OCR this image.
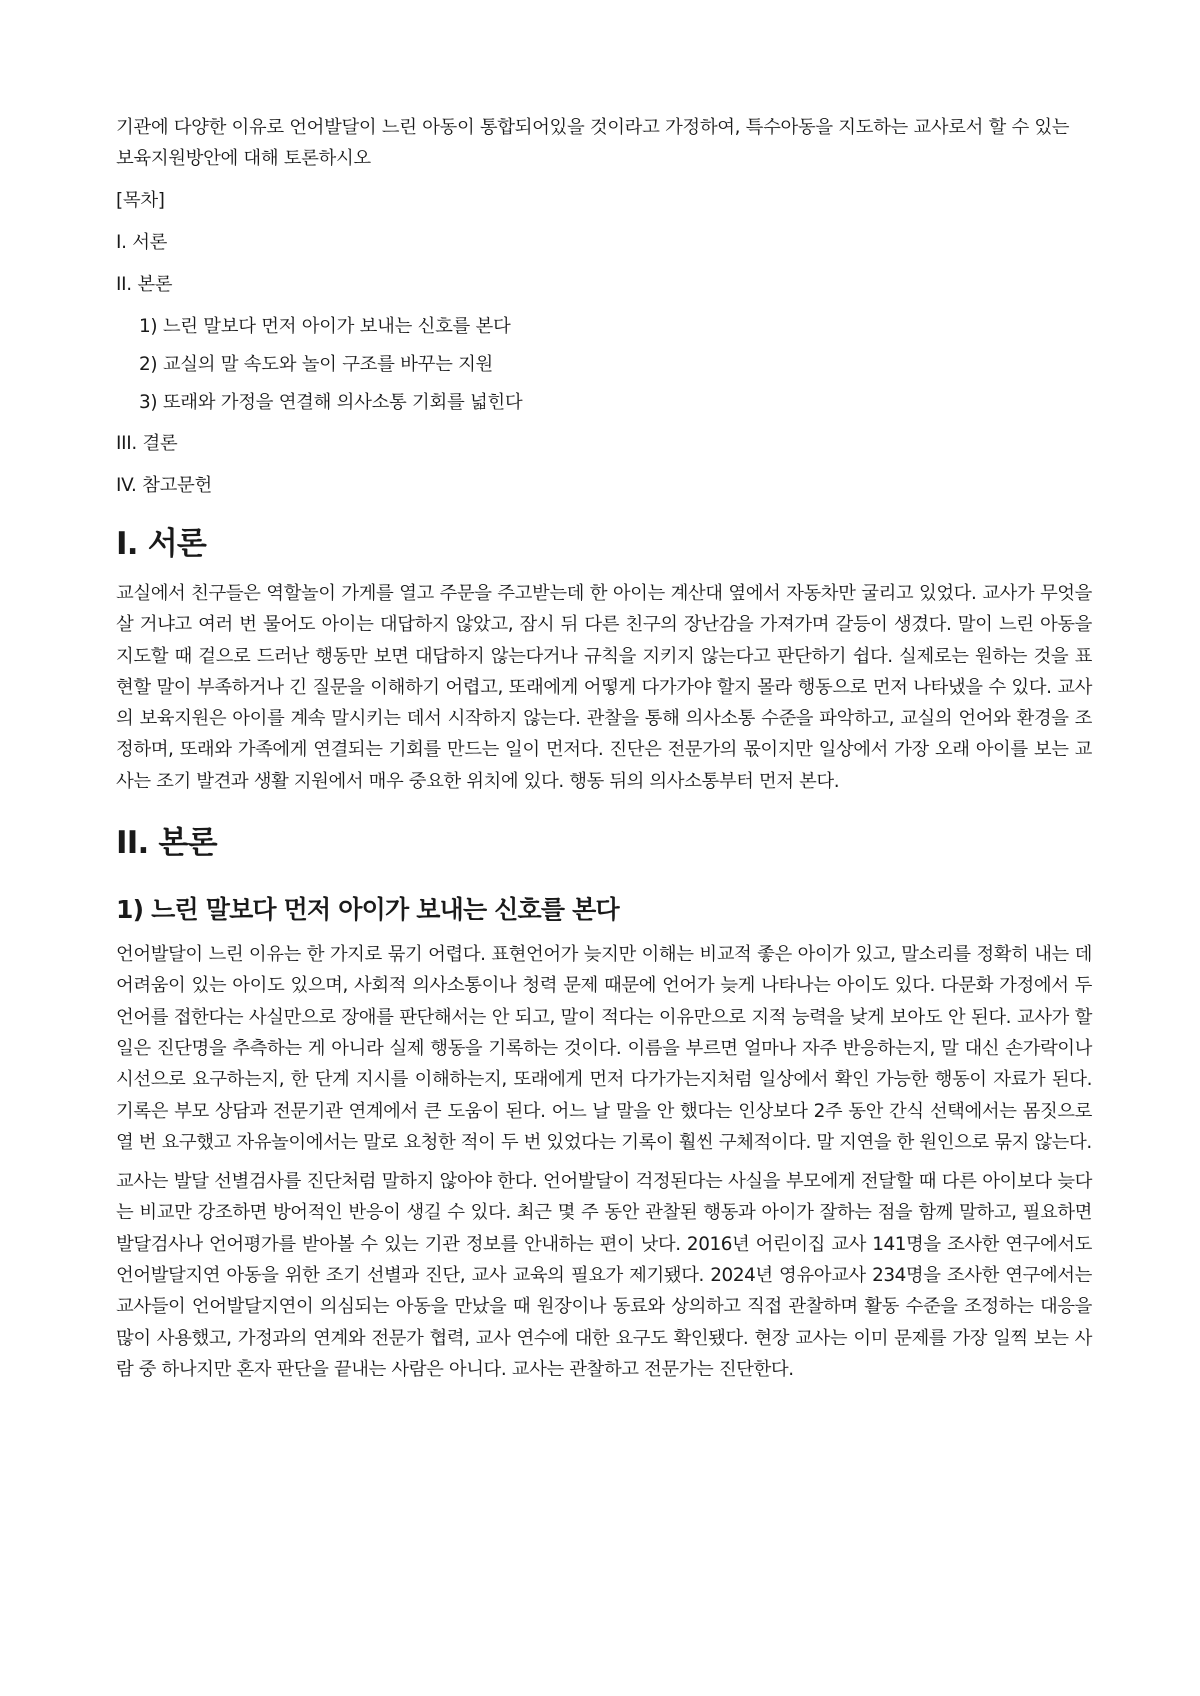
기관에 다양한 이유로 언어발달이 느린 아동이 통합되어있을 것이라고 가정하여, 특수아동을 지도하는 교사로서 할 수 있는 보육지원방안에 대해 토론하시오

[목차]
I. 서론
II. 본론
1) 느린 말보다 먼저 아이가 보내는 신호를 본다
2) 교실의 말 속도와 놀이 구조를 바꾸는 지원
3) 또래와 가정을 연결해 의사소통 기회를 넓힌다
III. 결론
IV. 참고문헌
I. 서론

교실에서 친구들은 역할놀이 가게를 열고 주문을 주고받는데 한 아이는 계산대 옆에서 자동차만 굴리고 있었다. 교사가 무엇을 살 거냐고 여러 번 물어도 아이는 대답하지 않았고, 잠시 뒤 다른 친구의 장난감을 가져가며 갈등이 생겼다. 말이 느린 아동을 지도할 때 겉으로 드러난 행동만 보면 대답하지 않는다거나 규칙을 지키지 않는다고 판단하기 쉽다. 실제로는 원하는 것을 표현할 말이 부족하거나 긴 질문을 이해하기 어렵고, 또래에게 어떻게 다가가야 할지 몰라 행동으로 먼저 나타냈을 수 있다. 교사의 보육지원은 아이를 계속 말시키는 데서 시작하지 않는다. 관찰을 통해 의사소통 수준을 파악하고, 교실의 언어와 환경을 조정하며, 또래와 가족에게 연결되는 기회를 만드는 일이 먼저다. 진단은 전문가의 몫이지만 일상에서 가장 오래 아이를 보는 교사는 조기 발견과 생활 지원에서 매우 중요한 위치에 있다. 행동 뒤의 의사소통부터 먼저 본다.

II. 본론
1) 느린 말보다 먼저 아이가 보내는 신호를 본다

언어발달이 느린 이유는 한 가지로 묶기 어렵다. 표현언어가 늦지만 이해는 비교적 좋은 아이가 있고, 말소리를 정확히 내는 데 어려움이 있는 아이도 있으며, 사회적 의사소통이나 청력 문제 때문에 언어가 늦게 나타나는 아이도 있다. 다문화 가정에서 두 언어를 접한다는 사실만으로 장애를 판단해서는 안 되고, 말이 적다는 이유만으로 지적 능력을 낮게 보아도 안 된다. 교사가 할 일은 진단명을 추측하는 게 아니라 실제 행동을 기록하는 것이다. 이름을 부르면 얼마나 자주 반응하는지, 말 대신 손가락이나 시선으로 요구하는지, 한 단계 지시를 이해하는지, 또래에게 먼저 다가가는지처럼 일상에서 확인 가능한 행동이 자료가 된다. 기록은 부모 상담과 전문기관 연계에서 큰 도움이 된다. 어느 날 말을 안 했다는 인상보다 2주 동안 간식 선택에서는 몸짓으로 열 번 요구했고 자유놀이에서는 말로 요청한 적이 두 번 있었다는 기록이 훨씬 구체적이다. 말 지연을 한 원인으로 묶지 않는다.

교사는 발달 선별검사를 진단처럼 말하지 않아야 한다. 언어발달이 걱정된다는 사실을 부모에게 전달할 때 다른 아이보다 늦다는 비교만 강조하면 방어적인 반응이 생길 수 있다. 최근 몇 주 동안 관찰된 행동과 아이가 잘하는 점을 함께 말하고, 필요하면 발달검사나 언어평가를 받아볼 수 있는 기관 정보를 안내하는 편이 낫다. 2016년 어린이집 교사 141명을 조사한 연구에서도 언어발달지연 아동을 위한 조기 선별과 진단, 교사 교육의 필요가 제기됐다. 2024년 영유아교사 234명을 조사한 연구에서는 교사들이 언어발달지연이 의심되는 아동을 만났을 때 원장이나 동료와 상의하고 직접 관찰하며 활동 수준을 조정하는 대응을 많이 사용했고, 가정과의 연계와 전문가 협력, 교사 연수에 대한 요구도 확인됐다. 현장 교사는 이미 문제를 가장 일찍 보는 사람 중 하나지만 혼자 판단을 끝내는 사람은 아니다. 교사는 관찰하고 전문가는 진단한다.
